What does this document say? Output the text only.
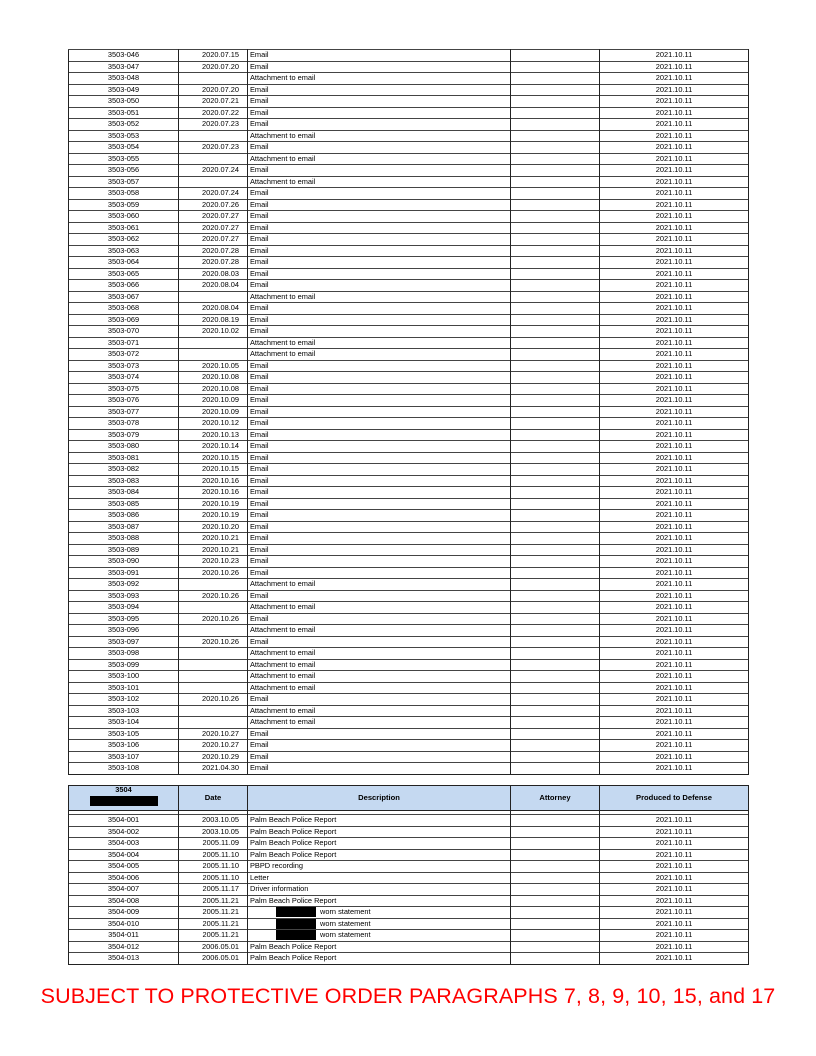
3503-046	2020.07.15	Email		2021.10.11
3503-047	2020.07.20	Email		2021.10.11
3503-048		Attachment to email		2021.10.11
3503-049	2020.07.20	Email		2021.10.11
3503-050	2020.07.21	Email		2021.10.11
3503-051	2020.07.22	Email		2021.10.11
3503-052	2020.07.23	Email		2021.10.11
3503-053		Attachment to email		2021.10.11
3503-054	2020.07.23	Email		2021.10.11
3503-055		Attachment to email		2021.10.11
3503-056	2020.07.24	Email		2021.10.11
3503-057		Attachment to email		2021.10.11
3503-058	2020.07.24	Email		2021.10.11
3503-059	2020.07.26	Email		2021.10.11
3503-060	2020.07.27	Email		2021.10.11
3503-061	2020.07.27	Email		2021.10.11
3503-062	2020.07.27	Email		2021.10.11
3503-063	2020.07.28	Email		2021.10.11
3503-064	2020.07.28	Email		2021.10.11
3503-065	2020.08.03	Email		2021.10.11
3503-066	2020.08.04	Email		2021.10.11
3503-067		Attachment to email		2021.10.11
3503-068	2020.08.04	Email		2021.10.11
3503-069	2020.08.19	Email		2021.10.11
3503-070	2020.10.02	Email		2021.10.11
3503-071		Attachment to email		2021.10.11
3503-072		Attachment to email		2021.10.11
3503-073	2020.10.05	Email		2021.10.11
3503-074	2020.10.08	Email		2021.10.11
3503-075	2020.10.08	Email		2021.10.11
3503-076	2020.10.09	Email		2021.10.11
3503-077	2020.10.09	Email		2021.10.11
3503-078	2020.10.12	Email		2021.10.11
3503-079	2020.10.13	Email		2021.10.11
3503-080	2020.10.14	Email		2021.10.11
3503-081	2020.10.15	Email		2021.10.11
3503-082	2020.10.15	Email		2021.10.11
3503-083	2020.10.16	Email		2021.10.11
3503-084	2020.10.16	Email		2021.10.11
3503-085	2020.10.19	Email		2021.10.11
3503-086	2020.10.19	Email		2021.10.11
3503-087	2020.10.20	Email		2021.10.11
3503-088	2020.10.21	Email		2021.10.11
3503-089	2020.10.21	Email		2021.10.11
3503-090	2020.10.23	Email		2021.10.11
3503-091	2020.10.26	Email		2021.10.11
3503-092		Attachment to email		2021.10.11
3503-093	2020.10.26	Email		2021.10.11
3503-094		Attachment to email		2021.10.11
3503-095	2020.10.26	Email		2021.10.11
3503-096		Attachment to email		2021.10.11
3503-097	2020.10.26	Email		2021.10.11
3503-098		Attachment to email		2021.10.11
3503-099		Attachment to email		2021.10.11
3503-100		Attachment to email		2021.10.11
3503-101		Attachment to email		2021.10.11
3503-102	2020.10.26	Email		2021.10.11
3503-103		Attachment to email		2021.10.11
3503-104		Attachment to email		2021.10.11
3503-105	2020.10.27	Email		2021.10.11
3503-106	2020.10.27	Email		2021.10.11
3503-107	2020.10.29	Email		2021.10.11
3503-108	2021.04.30	Email		2021.10.11
3504	Date	Description	Attorney	Produced to Defense

3504-001	2003.10.05	Palm Beach Police Report		2021.10.11
3504-002	2003.10.05	Palm Beach Police Report		2021.10.11
3504-003	2005.11.09	Palm Beach Police Report		2021.10.11
3504-004	2005.11.10	Palm Beach Police Report		2021.10.11
3504-005	2005.11.10	PBPD recording		2021.10.11
3504-006	2005.11.10	Letter		2021.10.11
3504-007	2005.11.17	Driver information		2021.10.11
3504-008	2005.11.21	Palm Beach Police Report		2021.10.11
3504-009	2005.11.21	worn statement		2021.10.11
3504-010	2005.11.21	worn statement		2021.10.11
3504-011	2005.11.21	worn statement		2021.10.11
3504-012	2006.05.01	Palm Beach Police Report		2021.10.11
3504-013	2006.05.01	Palm Beach Police Report		2021.10.11
SUBJECT TO PROTECTIVE ORDER PARAGRAPHS 7, 8, 9, 10, 15, and 17
